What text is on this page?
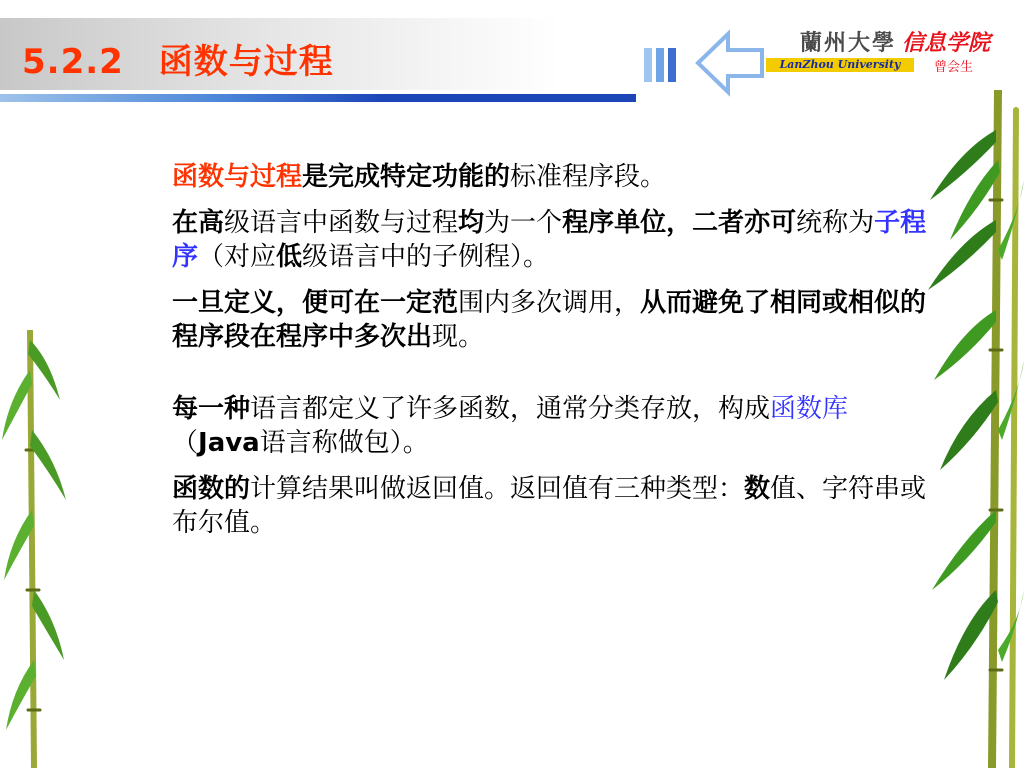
5.2.2　函数与过程	蘭州大學 信息学院
LanZhou University	曾会生

函数与过程是完成特定功能的标准程序段。

在高级语言中函数与过程均为一个程序单位，二者亦可统称为子程序（对应低级语言中的子例程）。

一旦定义，便可在一定范围内多次调用，从而避免了相同或相似的程序段在程序中多次出现。

每一种语言都定义了许多函数，通常分类存放，构成函数库（Java语言称做包）。

函数的计算结果叫做返回值。返回值有三种类型：数值、字符串或布尔值。
